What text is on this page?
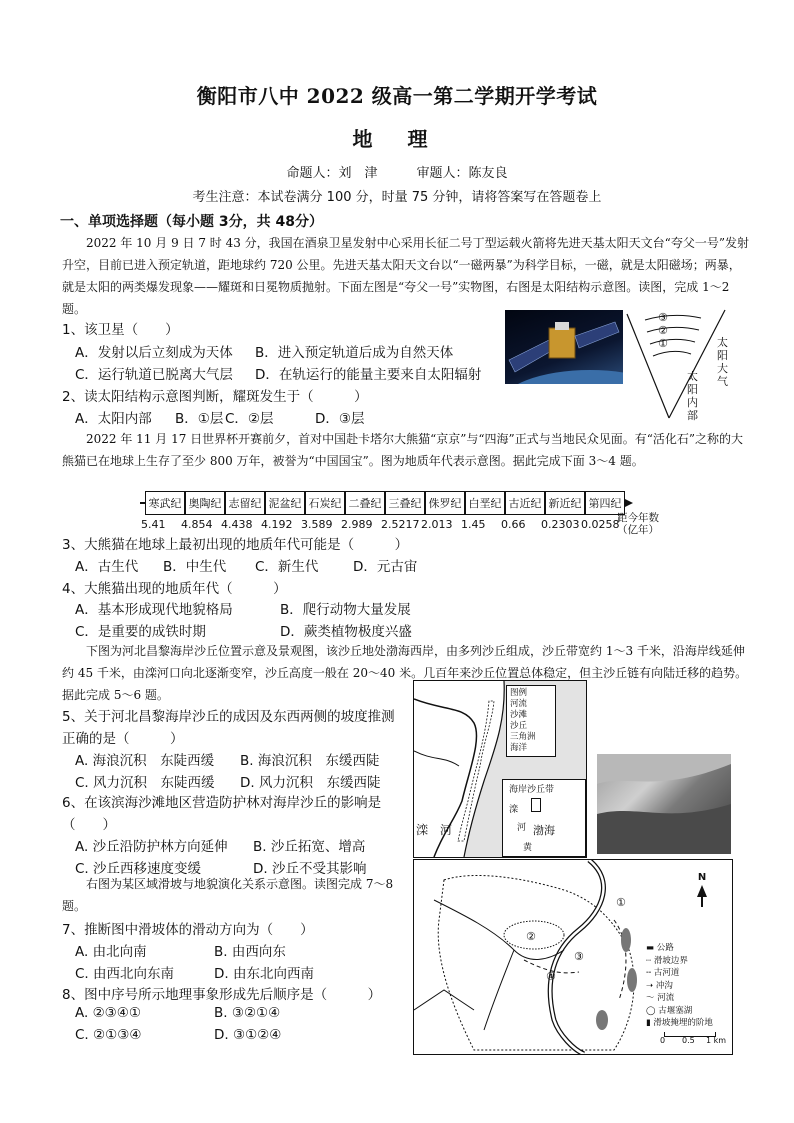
衡阳市八中 2022 级高一第二学期开学考试
地 理
命题人：刘　津　　　审题人：陈友良
考生注意：本试卷满分 100 分，时量 75 分钟，请将答案写在答题卷上
一、单项选择题（每小题 3分，共 48分）
2022 年 10 月 9 日 7 时 43 分，我国在酒泉卫星发射中心采用长征二号丁型运载火箭将先进天基太阳天文台“夸父一号”发射升空，目前已进入预定轨道，距地球约 720 公里。先进天基太阳天文台以“一磁两暴”为科学目标，一磁，就是太阳磁场；两暴，就是太阳的两类爆发现象——耀斑和日冕物质抛射。下面左图是“夸父一号”实物图，右图是太阳结构示意图。读图，完成 1～2 题。
③
②
①	太阳大气
太阳内部
1、该卫星（　　）
A．发射以后立刻成为天体 B．进入预定轨道后成为自然天体
C．运行轨道已脱离大气层 D．在轨运行的能量主要来自太阳辐射
2、读太阳结构示意图判断，耀斑发生于（　　　）
A．太阳内部 B．①层 C．②层	D．③层
2022 年 11 月 17 日世界杯开赛前夕，首对中国赴卡塔尔大熊猫“京京”与“四海”正式与当地民众见面。有“活化石”之称的大熊猫已在地球上生存了至少 800 万年，被誉为“中国国宝”。图为地质年代表示意图。据此完成下面 3～4 题。
寒武纪 奥陶纪 志留纪 泥盆纪 石炭纪 二叠纪 三叠纪 侏罗纪 白垩纪 古近纪 新近纪 第四纪
5.41 4.854 4.438 4.192 3.589 2.989 2.5217 2.013 1.45 0.66 0.2303 0.0258
距今年数
（亿年）
3、大熊猫在地球上最初出现的地质年代可能是（　　　）
A．古生代 B．中生代 C．新生代	D．元古宙
4、大熊猫出现的地质年代（　　　）
A．基本形成现代地貌格局	B．爬行动物大量发展
C．是重要的成铁时期	D．蕨类植物极度兴盛
下图为河北昌黎海岸沙丘位置示意及景观图，该沙丘地处渤海西岸，由多列沙丘组成，沙丘带宽约 1～3 千米，沿海岸线延伸约 45 千米，由滦河口向北逐渐变窄，沙丘高度一般在 20～40 米。几百年来沙丘位置总体稳定，但主沙丘链有向陆迁移的趋势。据此完成 5～6 题。
5、关于河北昌黎海岸沙丘的成因及东西两侧的坡度推测正确的是（　　　）
A. 海浪沉积　东陡西缓 B. 海浪沉积　东缓西陡
C. 风力沉积　东陡西缓 D. 风力沉积　东缓西陡
6、在该滨海沙滩地区营造防护林对海岸沙丘的影响是（　　）
A. 沙丘沿防护林方向延伸 B. 沙丘拓宽、增高
C. 沙丘西移速度变缓	D. 沙丘不受其影响
图例
河流
沙滩
沙丘
三角洲
海洋
海岸沙丘带
滦
河 渤海
黄
滦　河
右图为某区域滑坡与地貌演化关系示意图。读图完成 7～8 题。
7、推断图中滑坡体的滑动方向为（　　）
A. 由北向南	B. 由西向东
C. 由西北向东南	D. 由东北向西南
8、图中序号所示地理事象形成先后顺序是（　　　）
A. ②③④①	B. ③②①④
C. ②①③④	D. ③①②④
①
②
③
④
N
▬ 公路
┈ 滑坡边界
╌ 古河道
➝ 冲沟
〜 河流
◯ 古堰塞湖
▮ 滑坡掩埋的阶地
0 0.5 1 km
